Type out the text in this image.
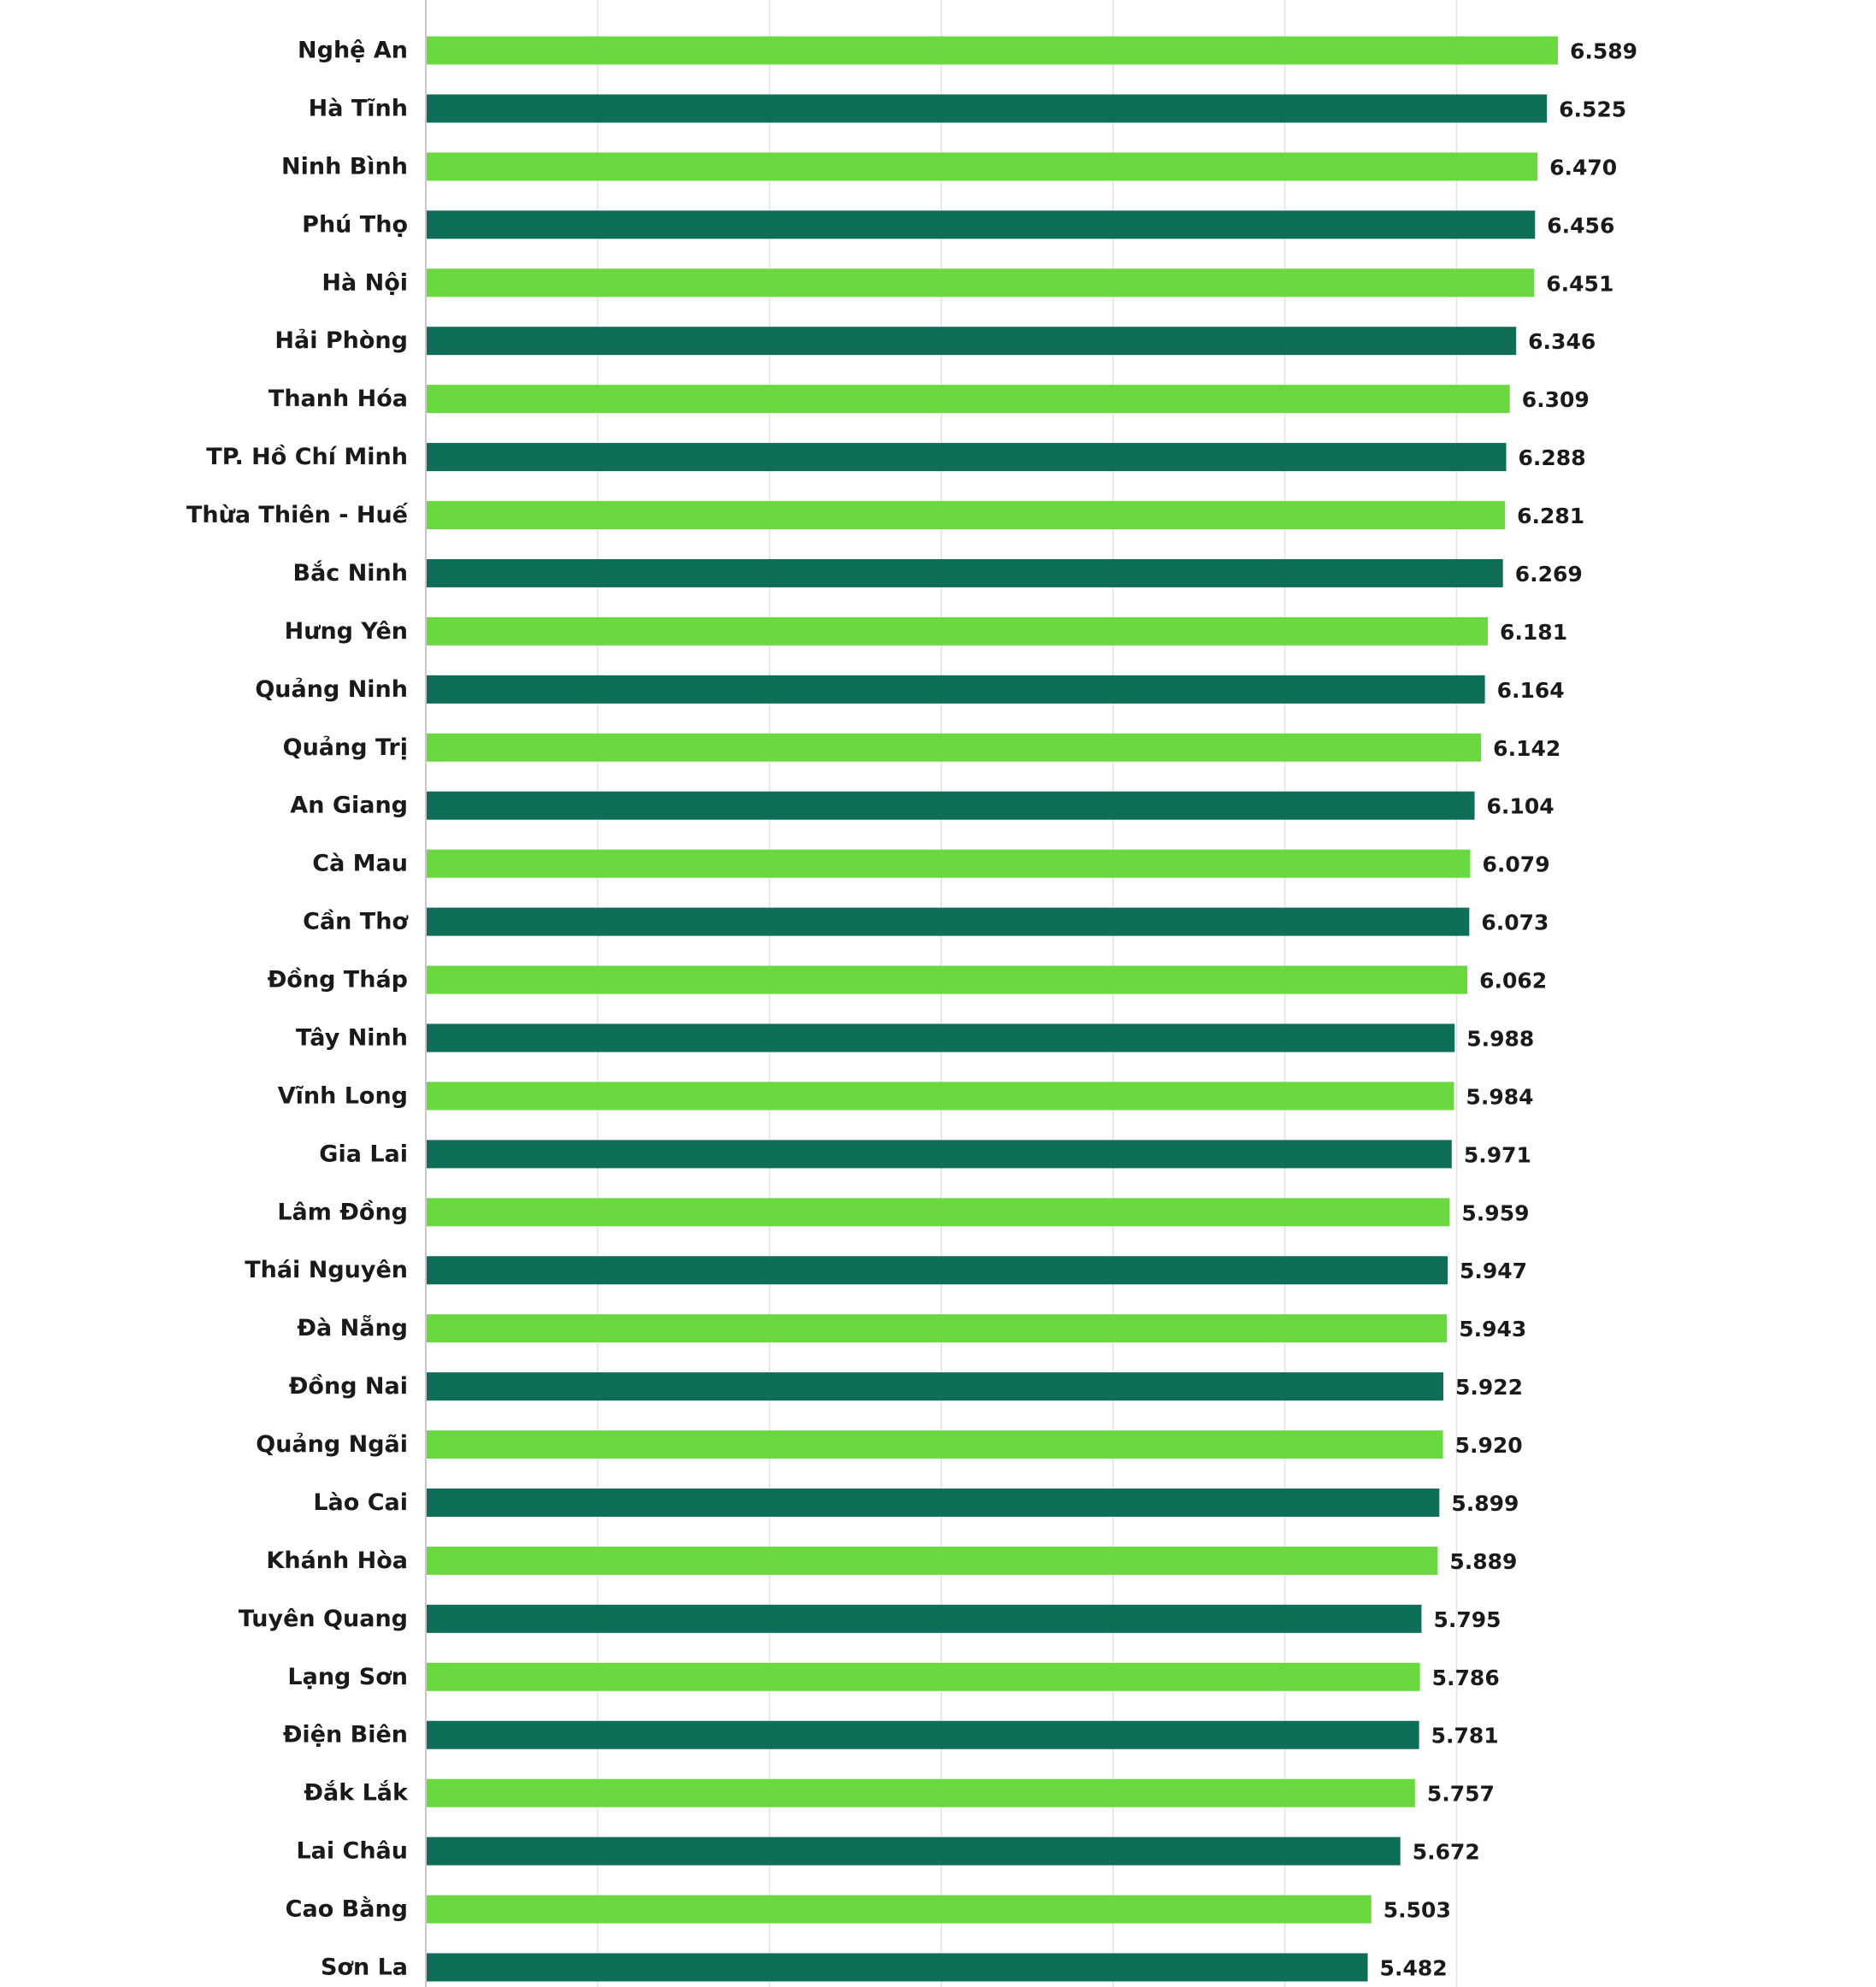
Nghệ An	6.589
Hà Tĩnh	6.525
Ninh Bình	6.470
Phú Thọ	6.456
Hà Nội	6.451
Hải Phòng	6.346
Thanh Hóa	6.309
TP. Hồ Chí Minh	6.288
Thừa Thiên - Huế	6.281
Bắc Ninh	6.269
Hưng Yên	6.181
Quảng Ninh	6.164
Quảng Trị	6.142
An Giang	6.104
Cà Mau	6.079
Cần Thơ	6.073
Đồng Tháp	6.062
Tây Ninh	5.988
Vĩnh Long	5.984
Gia Lai	5.971
Lâm Đồng	5.959
Thái Nguyên	5.947
Đà Nẵng	5.943
Đồng Nai	5.922
Quảng Ngãi	5.920
Lào Cai	5.899
Khánh Hòa	5.889
Tuyên Quang	5.795
Lạng Sơn	5.786
Điện Biên	5.781
Đắk Lắk	5.757
Lai Châu	5.672
Cao Bằng	5.503
Sơn La	5.482
